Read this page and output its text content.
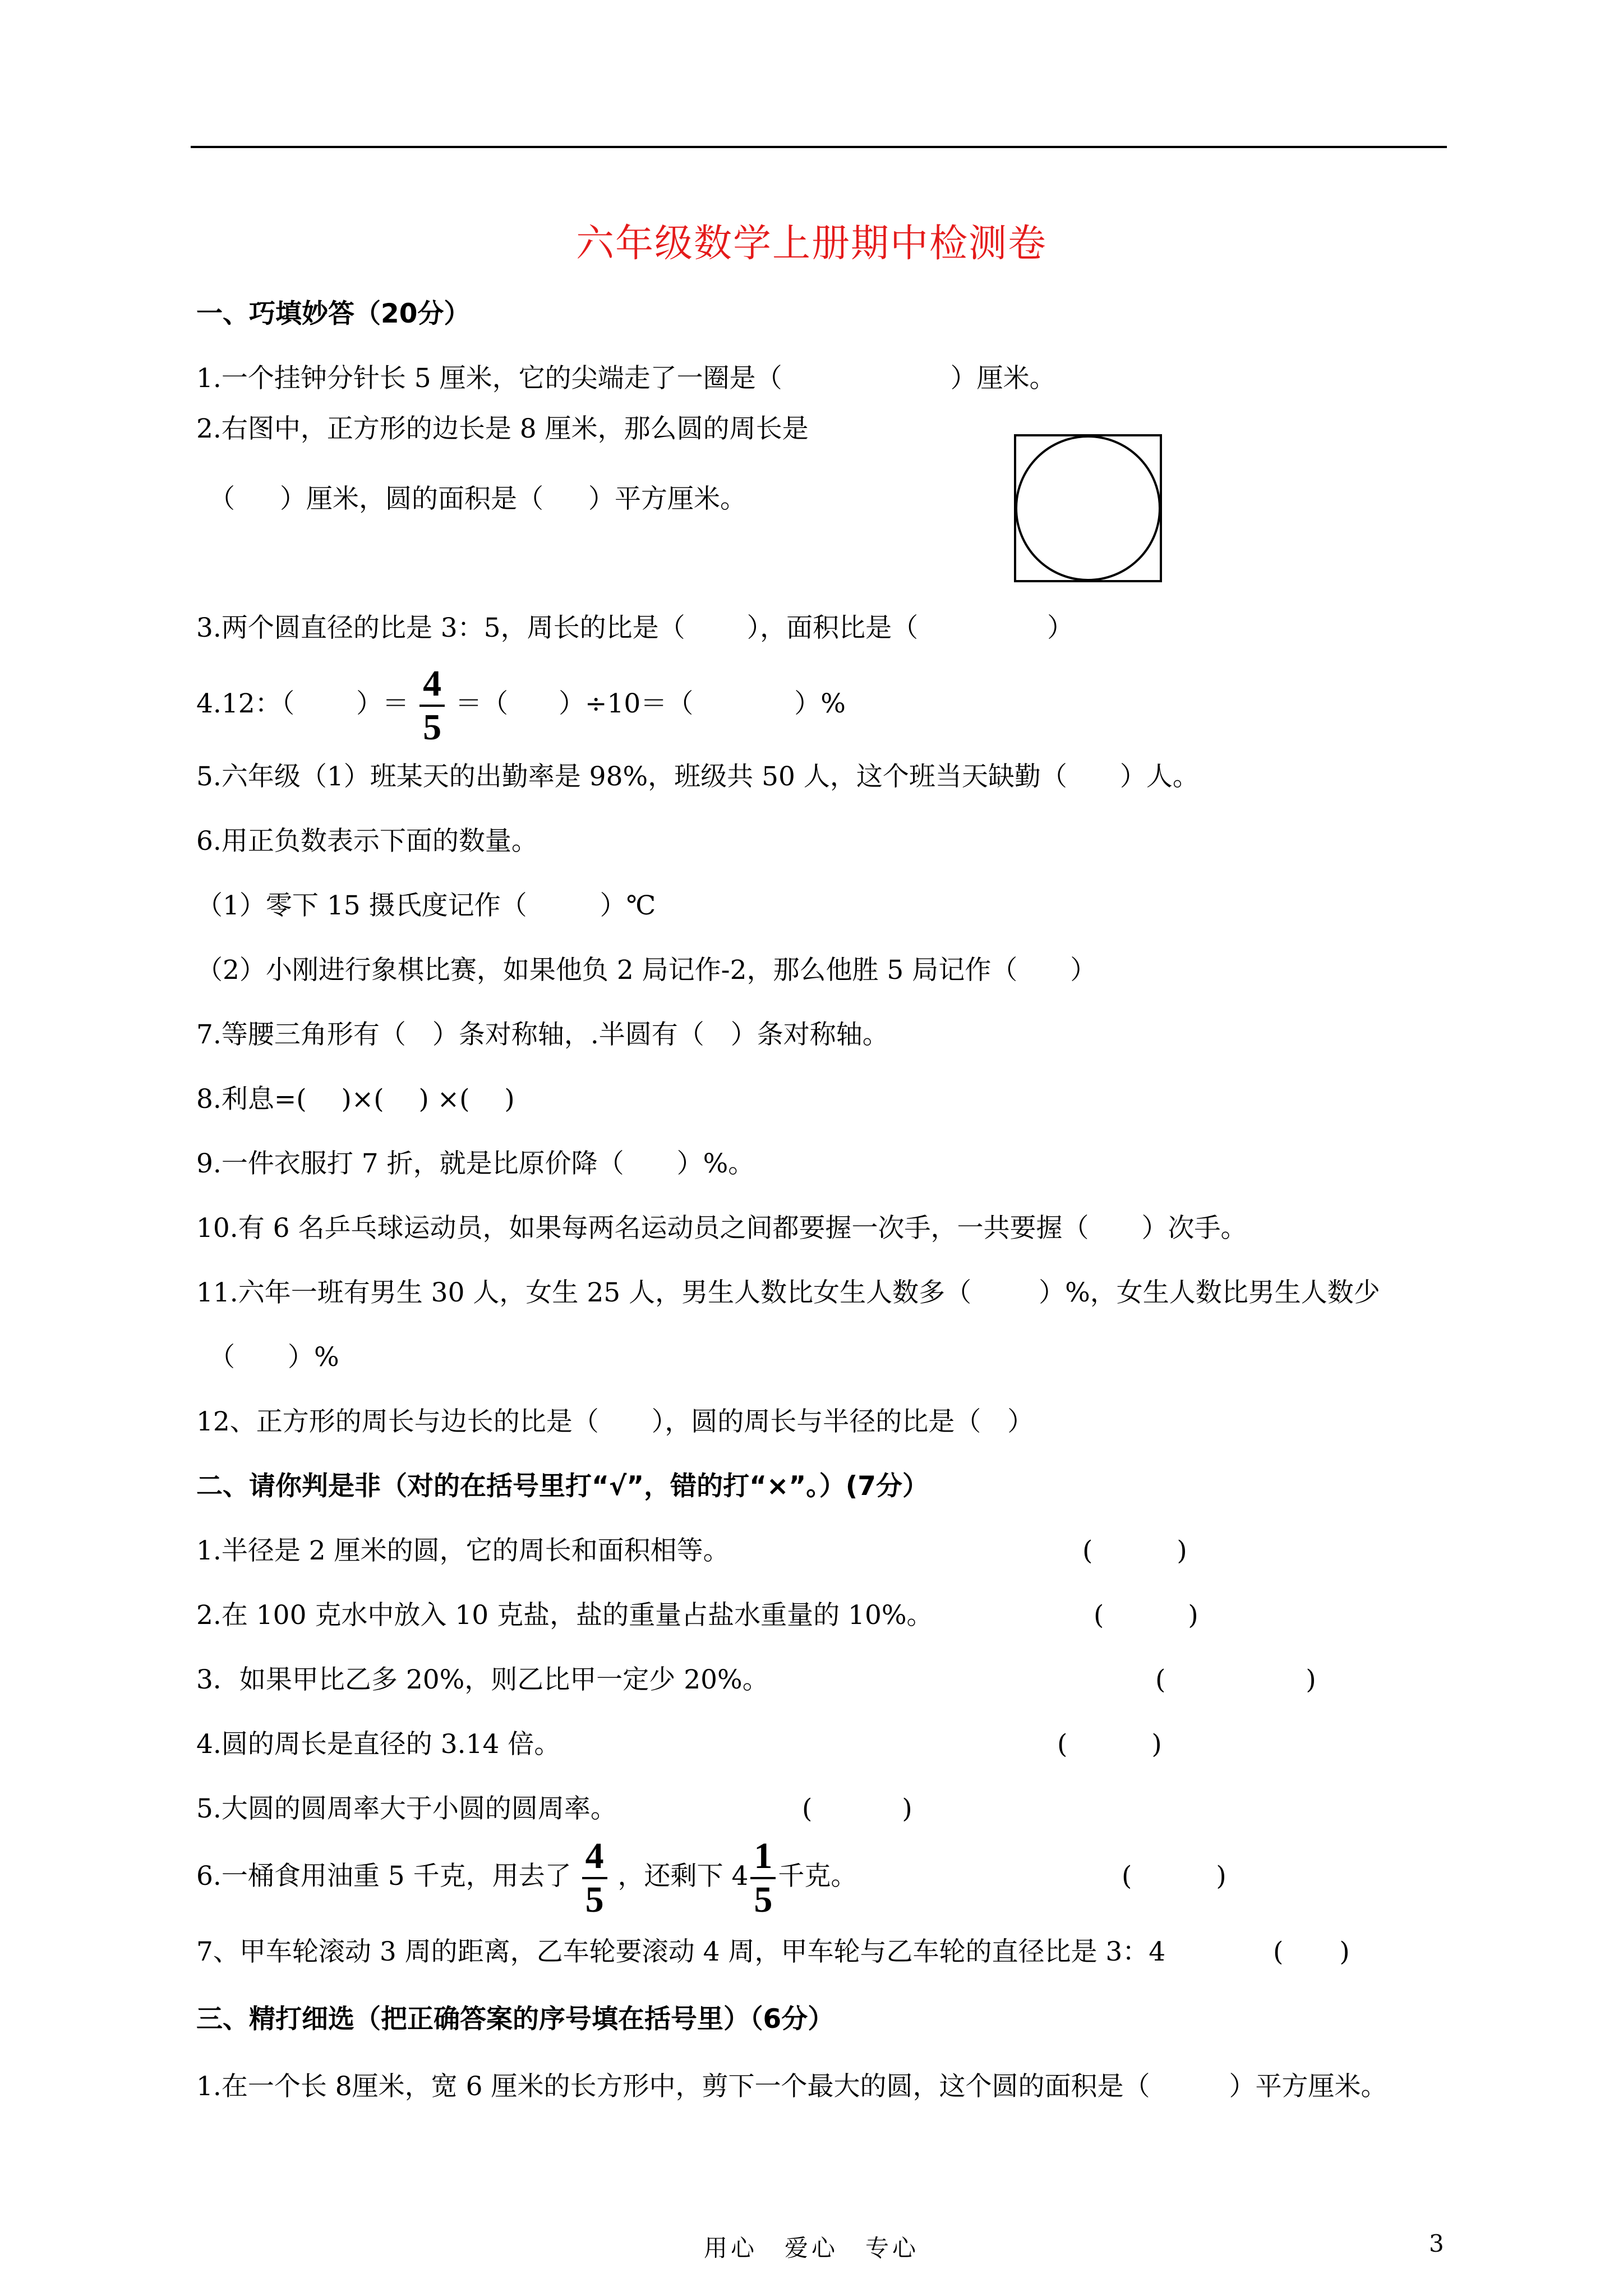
六年级数学上册期中检测卷
一、巧填妙答（20分）
1.一个挂钟分针长 5 厘米，它的尖端走了一圈是（	）厘米。
2.右图中，正方形的边长是 8 厘米，那么圆的周长是
（ ）厘米，圆的面积是（ ）平方厘米。
3.两个圆直径的比是 3：5，周长的比是（ ），面积比是（	）
4.12：（ ）＝ $\frac{4}{5}$ ＝（ ）÷10＝（	）%
5.六年级（1）班某天的出勤率是 98%，班级共 50 人，这个班当天缺勤（　　）人。
6.用正负数表示下面的数量。
（1）零下 15 摄氏度记作（	）℃
（2）小刚进行象棋比赛，如果他负 2 局记作-2，那么他胜 5 局记作（　　）
7.等腰三角形有（　）条对称轴，.半圆有（　）条对称轴。
8.利息=(　 )×(　 ) ×(　 )
9.一件衣服打 7 折，就是比原价降（　　）%。
10.有 6 名乒乓球运动员，如果每两名运动员之间都要握一次手，一共要握（　　）次手。
11.六年一班有男生 30 人，女生 25 人，男生人数比女生人数多（	）%，女生人数比男生人数少
（　　）%
12、正方形的周长与边长的比是（　　），圆的周长与半径的比是（　）
二、请你判是非（对的在括号里打“√”，错的打“×”。）(7分）
1.半径是 2 厘米的圆，它的周长和面积相等。	(	)
2.在 100 克水中放入 10 克盐，盐的重量占盐水重量的 10%。	(	)
3．如果甲比乙多 20%，则乙比甲一定少 20%。	(	)
4.圆的周长是直径的 3.14 倍。	(	)
5.大圆的圆周率大于小圆的圆周率。	(	)
6.一桶食用油重 5 千克，用去了 $\frac{4}{5}$ ，还剩下 $4 \frac{1}{5}$ 千克。	(	)
7、甲车轮滚动 3 周的距离，乙车轮要滚动 4 周，甲车轮与乙车轮的直径比是 3：4	( )
三、精打细选（把正确答案的序号填在括号里）（6分）
1.在一个长 8厘米，宽 6 厘米的长方形中，剪下一个最大的圆，这个圆的面积是（　　　）平方厘米。
用心　爱心　专心	3
